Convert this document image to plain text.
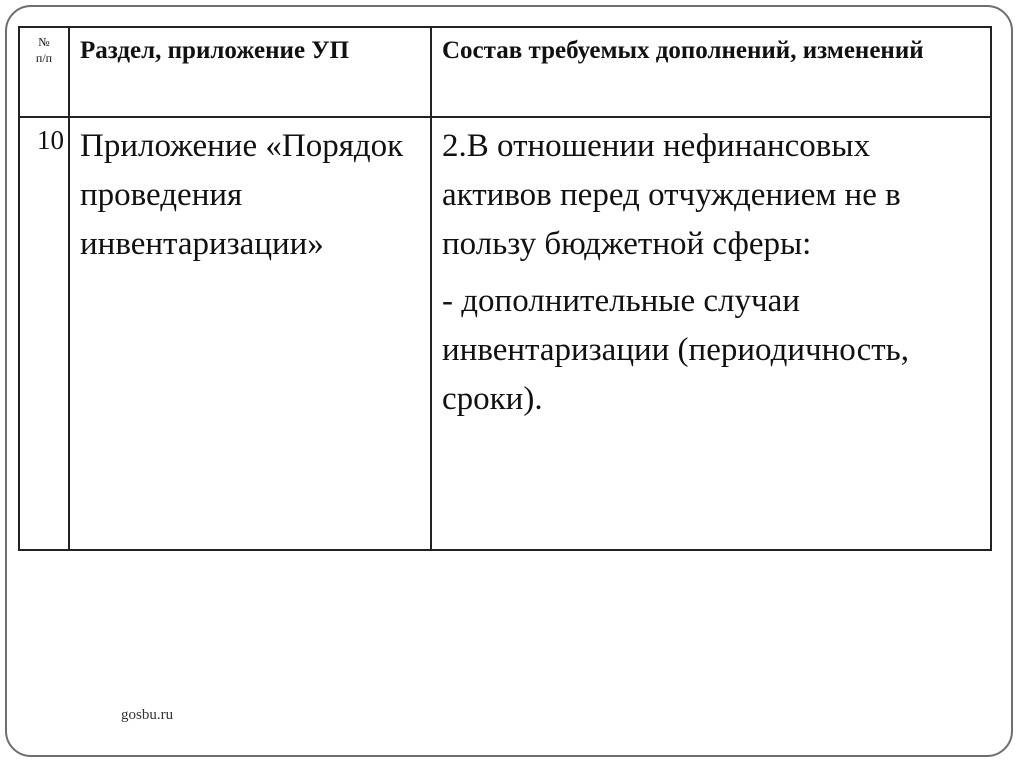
№
п/п	Раздел, приложение УП	Состав требуемых дополнений, изменений
10	Приложение «Порядок проведения инвентаризации»	2.В отношении нефинансовых активов перед отчуждением не в пользу бюджетной сферы:

- дополнительные случаи инвентаризации (периодичность, сроки).

gosbu.ru
